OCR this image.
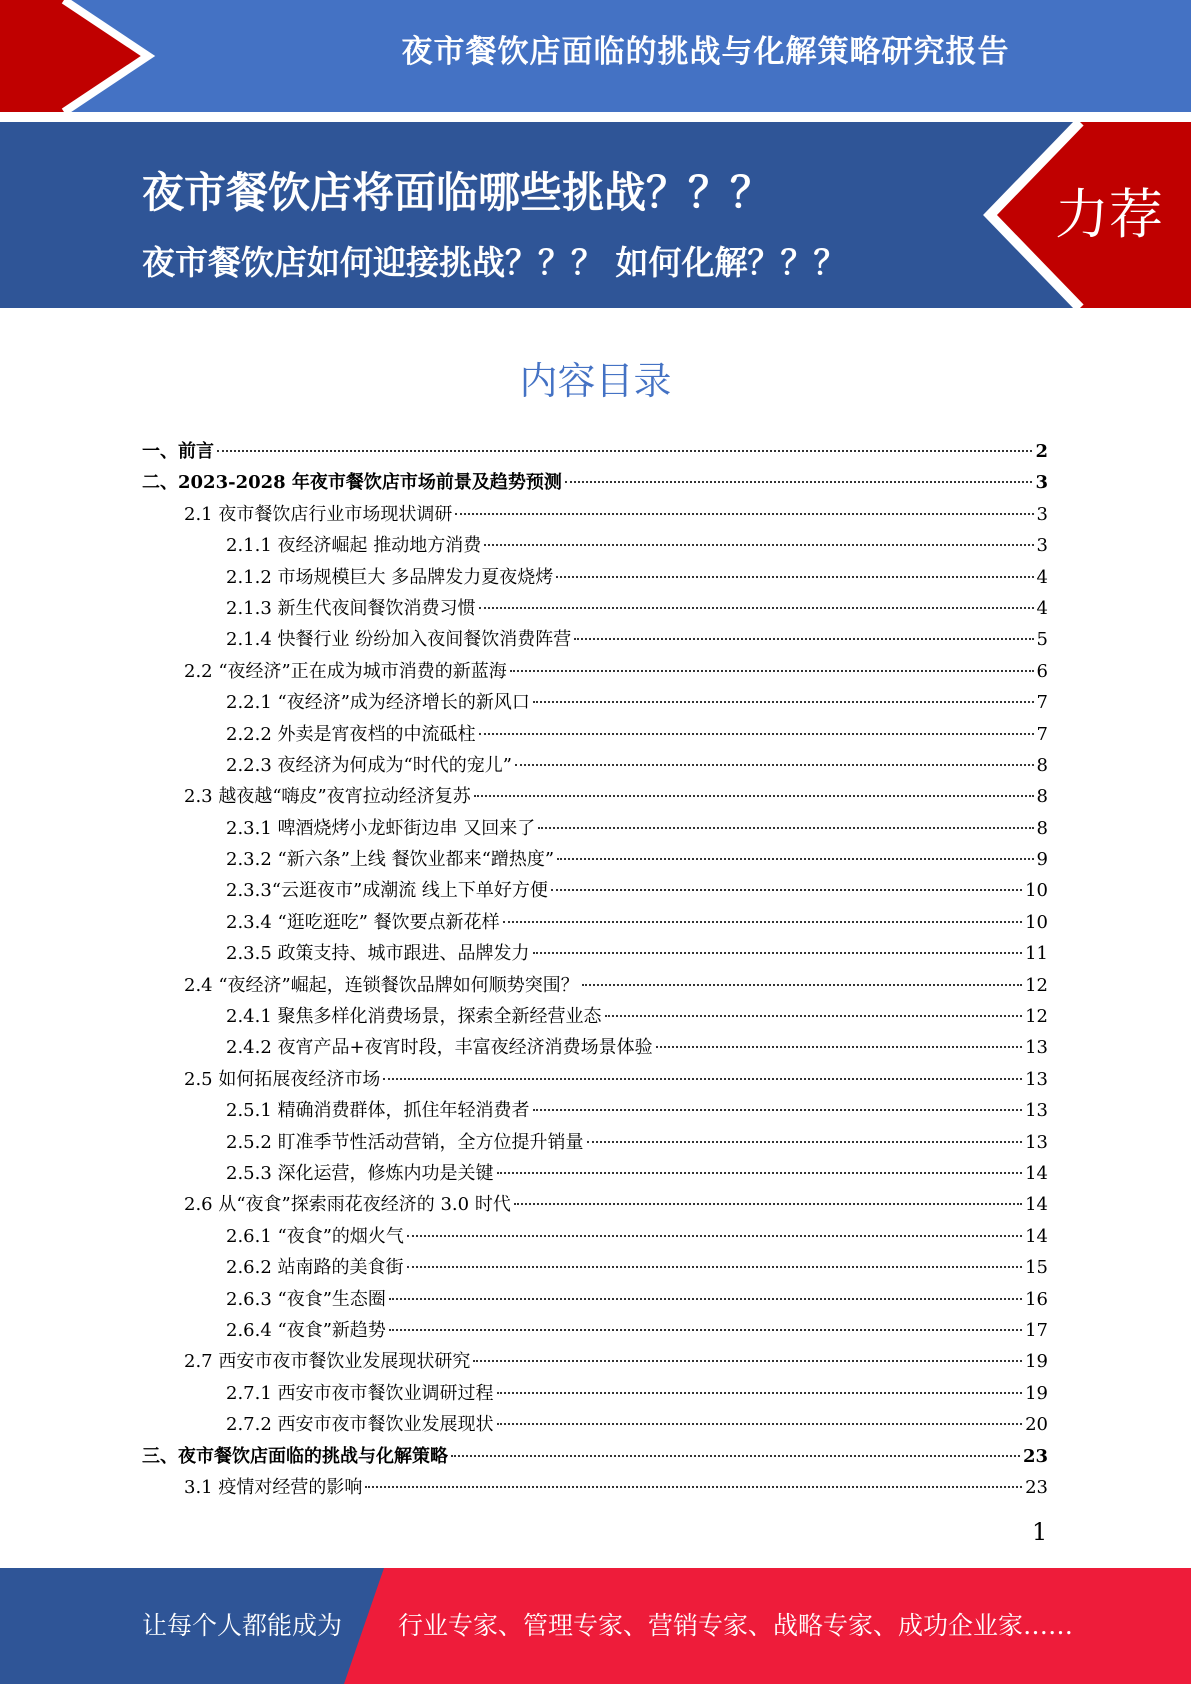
夜市餐饮店面临的挑战与化解策略研究报告
夜市餐饮店将面临哪些挑战？？？
夜市餐饮店如何迎接挑战？？？ 如何化解？？？
力荐
内容目录
一、前言	2
二、2023-2028 年夜市餐饮店市场前景及趋势预测	3
2.1 夜市餐饮店行业市场现状调研	3
2.1.1 夜经济崛起 推动地方消费	3
2.1.2 市场规模巨大 多品牌发力夏夜烧烤	4
2.1.3 新生代夜间餐饮消费习惯	4
2.1.4 快餐行业 纷纷加入夜间餐饮消费阵营	5
2.2 “夜经济”正在成为城市消费的新蓝海	6
2.2.1 “夜经济”成为经济增长的新风口	7
2.2.2 外卖是宵夜档的中流砥柱	7
2.2.3 夜经济为何成为“时代的宠儿”	8
2.3 越夜越“嗨皮”夜宵拉动经济复苏	8
2.3.1 啤酒烧烤小龙虾街边串 又回来了	8
2.3.2 “新六条”上线 餐饮业都来“蹭热度”	9
2.3.3“云逛夜市”成潮流 线上下单好方便	10
2.3.4 “逛吃逛吃” 餐饮要点新花样	10
2.3.5 政策支持、城市跟进、品牌发力	11
2.4 “夜经济”崛起，连锁餐饮品牌如何顺势突围？	12
2.4.1 聚焦多样化消费场景，探索全新经营业态	12
2.4.2 夜宵产品+夜宵时段，丰富夜经济消费场景体验	13
2.5 如何拓展夜经济市场	13
2.5.1 精确消费群体，抓住年轻消费者	13
2.5.2 盯准季节性活动营销，全方位提升销量	13
2.5.3 深化运营，修炼内功是关键	14
2.6 从“夜食”探索雨花夜经济的 3.0 时代	14
2.6.1 “夜食”的烟火气	14
2.6.2 站南路的美食街	15
2.6.3 “夜食”生态圈	16
2.6.4 “夜食”新趋势	17
2.7 西安市夜市餐饮业发展现状研究	19
2.7.1 西安市夜市餐饮业调研过程	19
2.7.2 西安市夜市餐饮业发展现状	20
三、夜市餐饮店面临的挑战与化解策略	23
3.1 疫情对经营的影响	23
1
让每个人都能成为 行业专家、管理专家、营销专家、战略专家、成功企业家……
